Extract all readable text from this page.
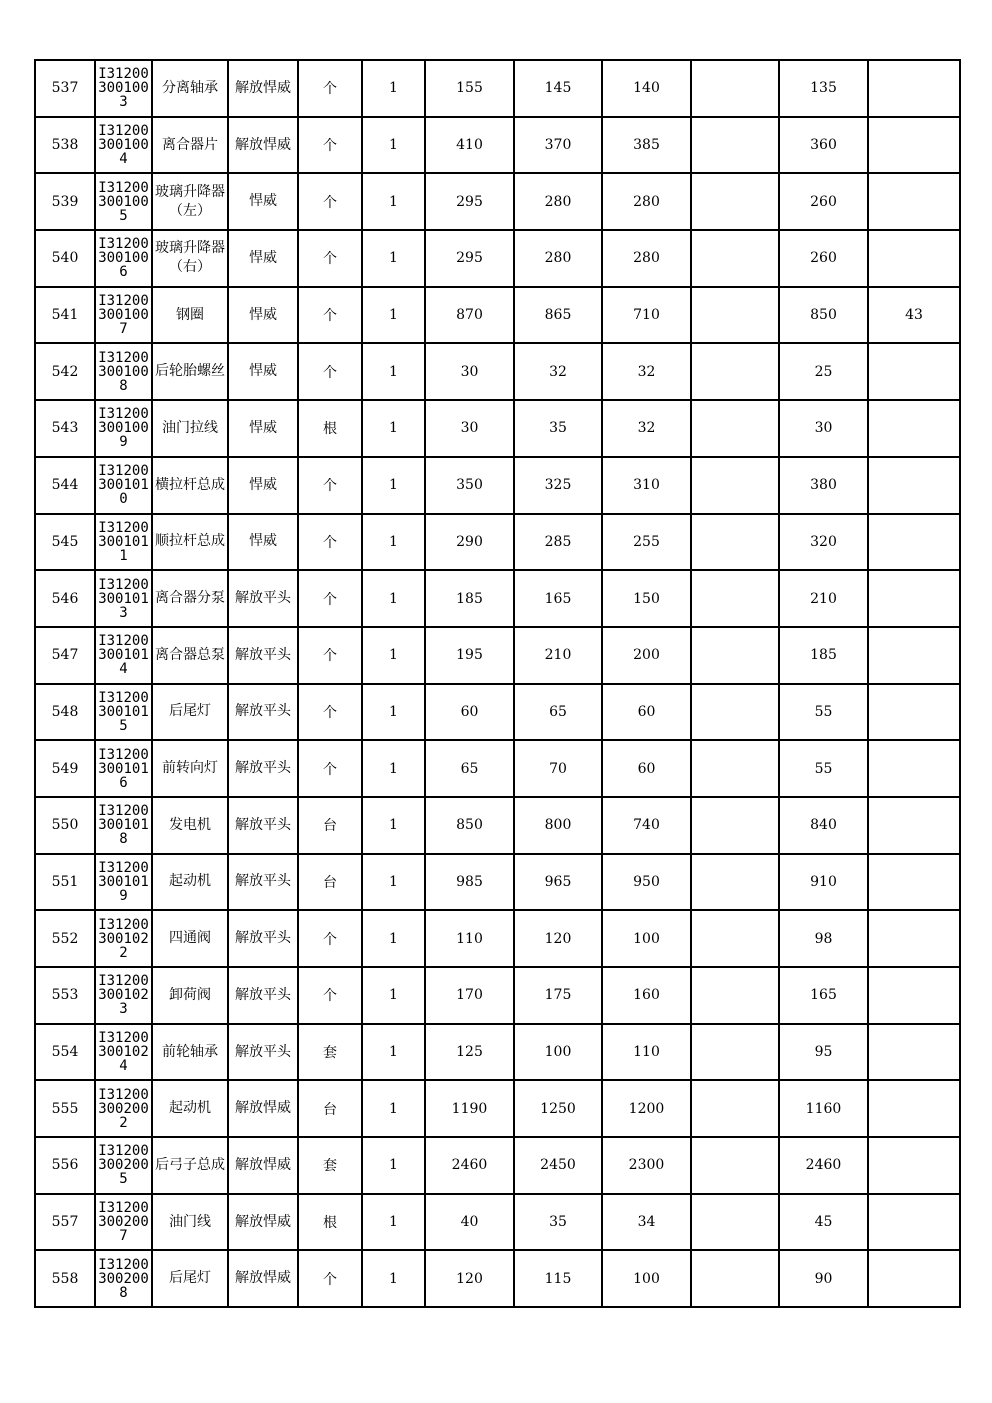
537	I312003001003	分离轴承	解放悍威	个	1	155	145	140		135	
538	I312003001004	离合器片	解放悍威	个	1	410	370	385		360	
539	I312003001005	玻璃升降器（左）	悍威	个	1	295	280	280		260	
540	I312003001006	玻璃升降器（右）	悍威	个	1	295	280	280		260	
541	I312003001007	钢圈	悍威	个	1	870	865	710		850	43
542	I312003001008	后轮胎螺丝	悍威	个	1	30	32	32		25	
543	I312003001009	油门拉线	悍威	根	1	30	35	32		30	
544	I312003001010	横拉杆总成	悍威	个	1	350	325	310		380	
545	I312003001011	顺拉杆总成	悍威	个	1	290	285	255		320	
546	I312003001013	离合器分泵	解放平头	个	1	185	165	150		210	
547	I312003001014	离合器总泵	解放平头	个	1	195	210	200		185	
548	I312003001015	后尾灯	解放平头	个	1	60	65	60		55	
549	I312003001016	前转向灯	解放平头	个	1	65	70	60		55	
550	I312003001018	发电机	解放平头	台	1	850	800	740		840	
551	I312003001019	起动机	解放平头	台	1	985	965	950		910	
552	I312003001022	四通阀	解放平头	个	1	110	120	100		98	
553	I312003001023	卸荷阀	解放平头	个	1	170	175	160		165	
554	I312003001024	前轮轴承	解放平头	套	1	125	100	110		95	
555	I312003002002	起动机	解放悍威	台	1	1190	1250	1200		1160	
556	I312003002005	后弓子总成	解放悍威	套	1	2460	2450	2300		2460	
557	I312003002007	油门线	解放悍威	根	1	40	35	34		45	
558	I312003002008	后尾灯	解放悍威	个	1	120	115	100		90	
